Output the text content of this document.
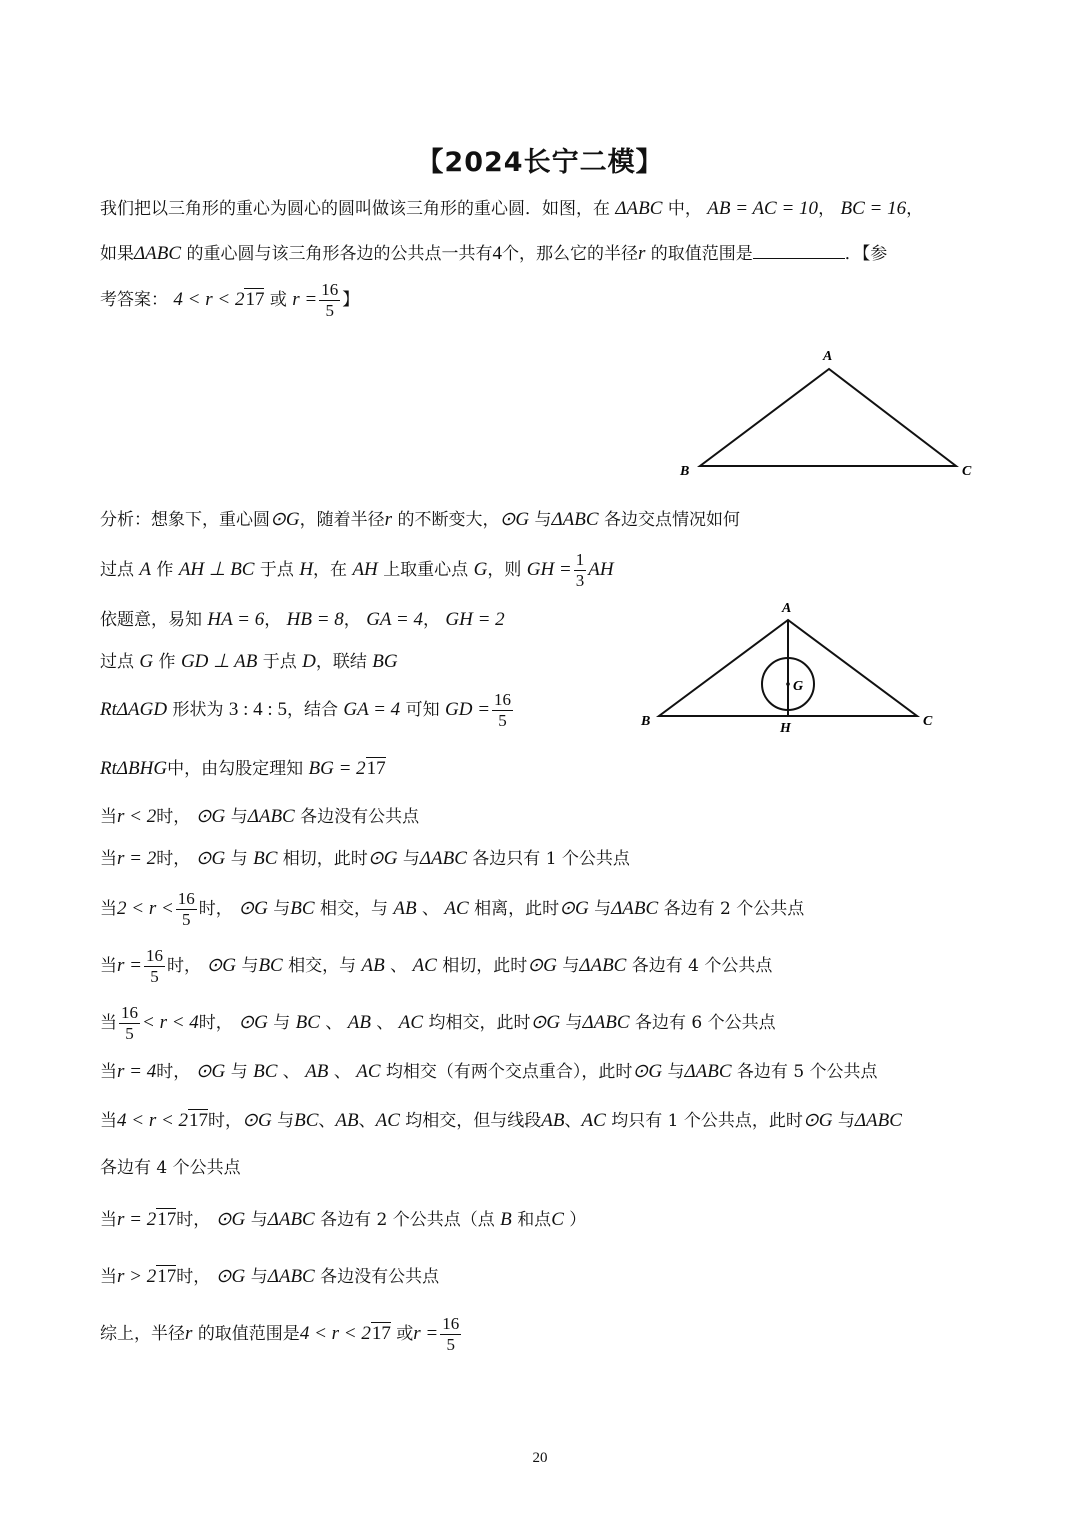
【2024长宁二模】
我们把以三角形的重心为圆心的圆叫做该三角形的重心圆．如图，在 ΔABC 中， AB = AC = 10， BC = 16，
如果ΔABC 的重心圆与该三角形各边的公共点一共有4个，那么它的半径r 的取值范围是	．【参
考答案： 4 < r < 217 或 $r = \frac{16}{5}$ 】
A
B	C
A
B	C
G
H
分析：想象下，重心圆⊙G，随着半径r 的不断变大，⊙G 与ΔABC 各边交点情况如何
过点 A 作 AH ⊥ BC 于点 H，在 AH 上取重心点 G，则 GH = $\frac{1}{3}$ AH
依题意，易知 HA = 6， HB = 8， GA = 4， GH = 2
过点 G 作 GD ⊥ AB 于点 D，联结 BG
RtΔAGD 形状为 3 : 4 : 5，结合 GA = 4 可知 GD = $\frac{16}{5}$
RtΔBHG中，由勾股定理知 BG = 217
当r < 2时， ⊙G 与ΔABC 各边没有公共点
当r = 2时， ⊙G 与 BC 相切，此时⊙G 与ΔABC 各边只有 1 个公共点
当$2 < r < \frac{16}{5}$ 时， ⊙G 与BC 相交，与 AB 、 AC 相离，此时⊙G 与ΔABC 各边有 2 个公共点
当$r = \frac{16}{5}$ 时， ⊙G 与BC 相交，与 AB 、 AC 相切，此时⊙G 与ΔABC 各边有 4 个公共点
当 $\frac{16}{5} < r < 4$时， ⊙G 与 BC 、 AB 、 AC 均相交，此时⊙G 与ΔABC 各边有 6 个公共点
当r = 4时， ⊙G 与 BC 、 AB 、 AC 均相交（有两个交点重合），此时⊙G 与ΔABC 各边有 5 个公共点
当4 < r < 217时，⊙G 与BC、AB、AC 均相交，但与线段AB、AC 均只有 1 个公共点，此时⊙G 与ΔABC
各边有 4 个公共点
当r = 217时， ⊙G 与ΔABC 各边有 2 个公共点（点 B 和点C ）
当r > 217时， ⊙G 与ΔABC 各边没有公共点
综上，半径r 的取值范围是4 < r < 217 或$r = \frac{16}{5}$
20
